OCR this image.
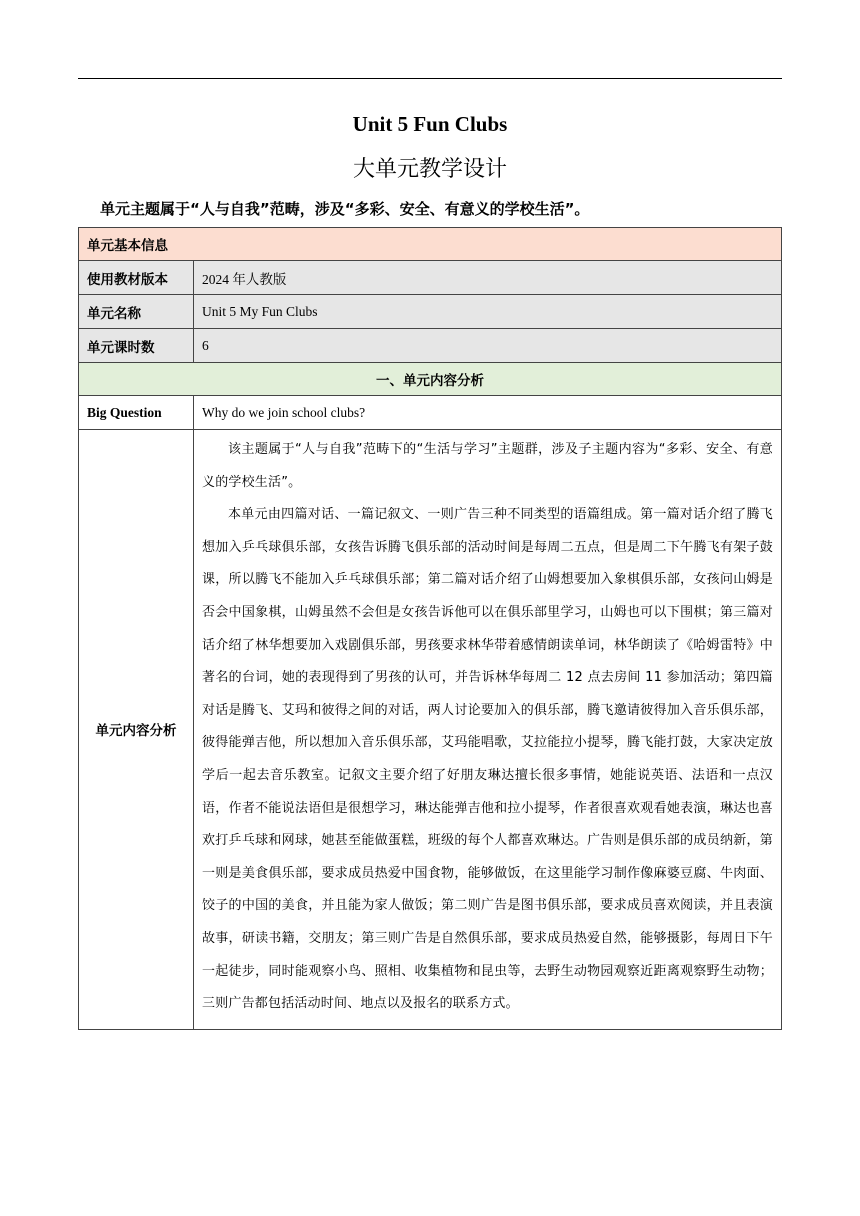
Unit 5 Fun Clubs
大单元教学设计
单元主题属于“人与自我”范畴，涉及“多彩、安全、有意义的学校生活”。
单元基本信息	
使用教材版本	2024 年人教版
单元名称	Unit 5 My Fun Clubs
单元课时数	6
一、单元内容分析	
Big Question	Why do we join school clubs?
单元内容分析	该主题属于“人与自我”范畴下的“生活与学习”主题群，涉及子主题内容为“多彩、安全、有意义的学校生活”。

本单元由四篇对话、一篇记叙文、一则广告三种不同类型的语篇组成。第一篇对话介绍了腾飞想加入乒乓球俱乐部，女孩告诉腾飞俱乐部的活动时间是每周二五点，但是周二下午腾飞有架子鼓课，所以腾飞不能加入乒乓球俱乐部；第二篇对话介绍了山姆想要加入象棋俱乐部，女孩问山姆是否会中国象棋，山姆虽然不会但是女孩告诉他可以在俱乐部里学习，山姆也可以下围棋；第三篇对话介绍了林华想要加入戏剧俱乐部，男孩要求林华带着感情朗读单词，林华朗读了《哈姆雷特》中著名的台词，她的表现得到了男孩的认可，并告诉林华每周二 12 点去房间 11 参加活动；第四篇对话是腾飞、艾玛和彼得之间的对话，两人讨论要加入的俱乐部，腾飞邀请彼得加入音乐俱乐部，彼得能弹吉他，所以想加入音乐俱乐部，艾玛能唱歌，艾拉能拉小提琴，腾飞能打鼓，大家决定放学后一起去音乐教室。记叙文主要介绍了好朋友琳达擅长很多事情，她能说英语、法语和一点汉语，作者不能说法语但是很想学习，琳达能弹吉他和拉小提琴，作者很喜欢观看她表演，琳达也喜欢打乒乓球和网球，她甚至能做蛋糕，班级的每个人都喜欢琳达。广告则是俱乐部的成员纳新，第一则是美食俱乐部，要求成员热爱中国食物，能够做饭，在这里能学习制作像麻婆豆腐、牛肉面、饺子的中国的美食，并且能为家人做饭；第二则广告是图书俱乐部，要求成员喜欢阅读，并且表演故事，研读书籍，交朋友；第三则广告是自然俱乐部，要求成员热爱自然，能够摄影，每周日下午一起徒步，同时能观察小鸟、照相、收集植物和昆虫等，去野生动物园观察近距离观察野生动物；三则广告都包括活动时间、地点以及报名的联系方式。
